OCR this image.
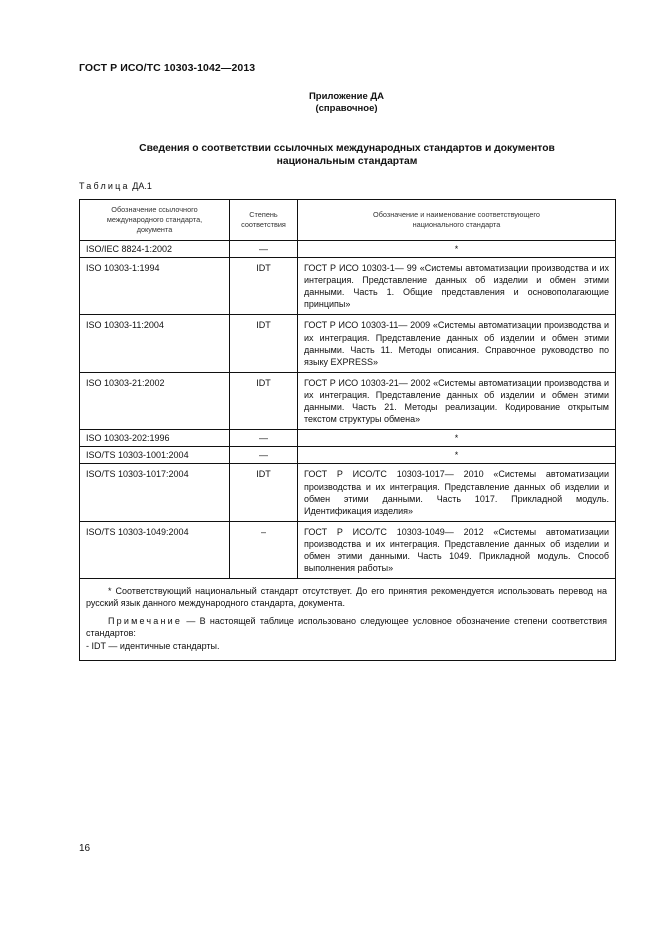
ГОСТ Р ИСО/ТС 10303-1042—2013
Приложение ДА
(справочное)
Сведения о соответствии ссылочных международных стандартов и документов
национальным стандартам
Таблица ДА.1
Обозначение ссылочного международного стандарта, документа	Степень соответствия	Обозначение и наименование соответствующего национального стандарта
ISO/IEC 8824-1:2002	—	*
ISO 10303-1:1994	IDT	ГОСТ Р ИСО 10303-1— 99 «Системы автоматизации производства и их интеграция. Представление данных об изделии и обмен этими данными. Часть 1. Общие представления и основополагающие принципы»
ISO 10303-11:2004	IDT	ГОСТ Р ИСО 10303-11— 2009 «Системы автоматизации производства и их интеграция. Представление данных об изделии и обмен этими данными. Часть 11. Методы описания. Справочное руководство по языку EXPRESS»
ISO 10303-21:2002	IDT	ГОСТ Р ИСО 10303-21— 2002 «Системы автоматизации производства и их интеграция. Представление данных об изделии и обмен этими данными. Часть 21. Методы реализации. Кодирование открытым текстом структуры обмена»
ISO 10303-202:1996	—	*
ISO/TS 10303-1001:2004	—	*
ISO/TS 10303-1017:2004	IDT	ГОСТ Р ИСО/ТС 10303-1017— 2010 «Системы автоматизации производства и их интеграция. Представление данных об изделии и обмен этими данными. Часть 1017. Прикладной модуль. Идентификация изделия»
ISO/TS 10303-1049:2004	–	ГОСТ Р ИСО/ТС 10303-1049— 2012 «Системы автоматизации производства и их интеграция. Представление данных об изделии и обмен этими данными. Часть 1049. Прикладной модуль. Способ выполнения работы»

* Соответствующий национальный стандарт отсутствует. До его принятия рекомендуется использовать перевод на русский язык данного международного стандарта, документа.

Примечание — В настоящей таблице использовано следующее условное обозначение степени соответствия стандартов:

- IDT — идентичные стандарты.		

16
